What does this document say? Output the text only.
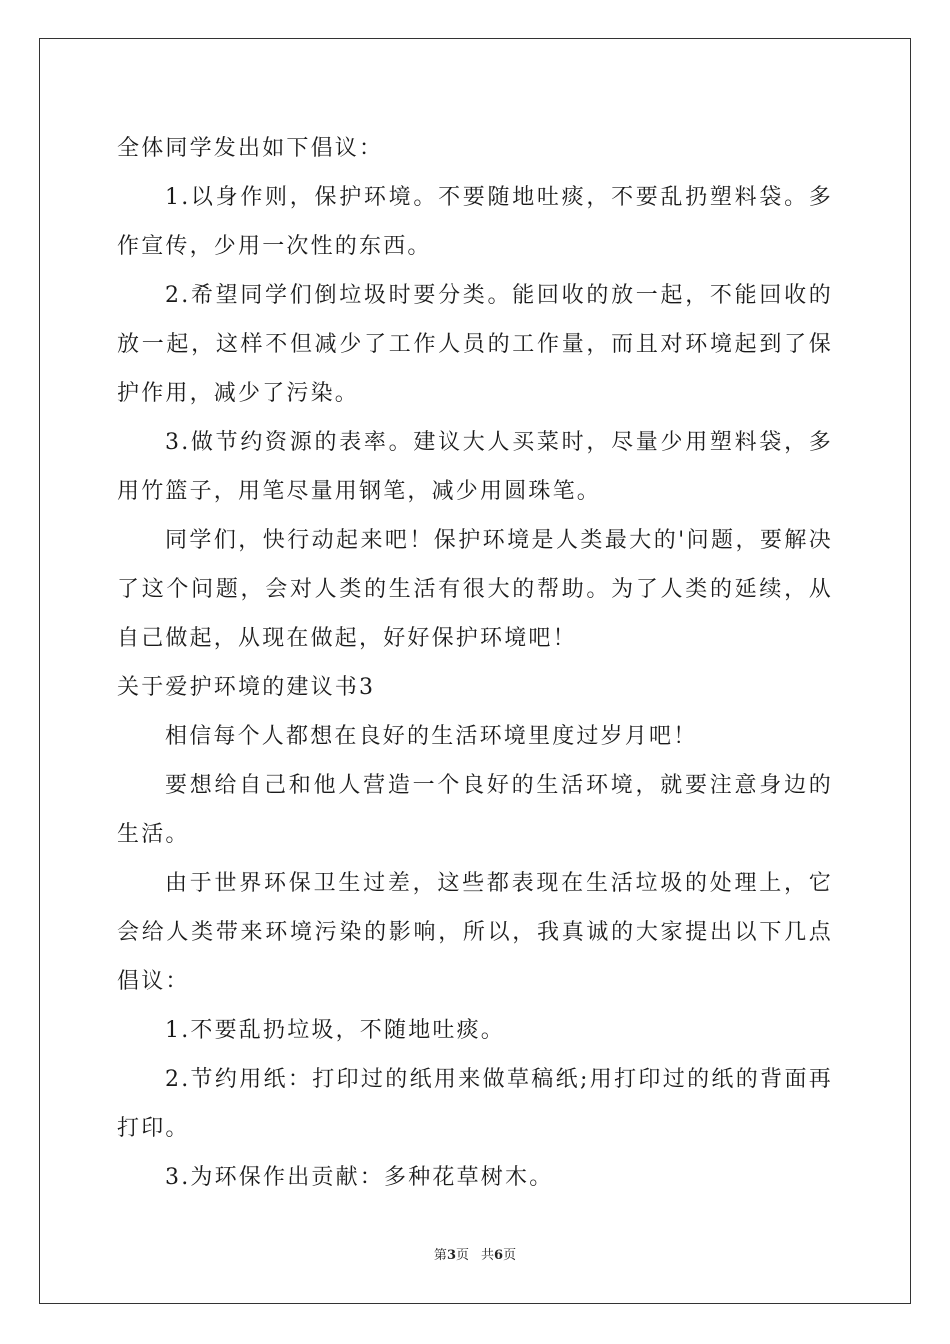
全体同学发出如下倡议：

1.以身作则，保护环境。不要随地吐痰，不要乱扔塑料袋。多作宣传，少用一次性的东西。

2.希望同学们倒垃圾时要分类。能回收的放一起，不能回收的放一起，这样不但减少了工作人员的工作量，而且对环境起到了保护作用，减少了污染。

3.做节约资源的表率。建议大人买菜时，尽量少用塑料袋，多用竹篮子，用笔尽量用钢笔，减少用圆珠笔。

同学们，快行动起来吧！保护环境是人类最大的'问题，要解决了这个问题，会对人类的生活有很大的帮助。为了人类的延续，从自己做起，从现在做起，好好保护环境吧！

关于爱护环境的建议书3

相信每个人都想在良好的生活环境里度过岁月吧！

要想给自己和他人营造一个良好的生活环境，就要注意身边的生活。

由于世界环保卫生过差，这些都表现在生活垃圾的处理上，它会给人类带来环境污染的影响，所以，我真诚的大家提出以下几点倡议：

1.不要乱扔垃圾，不随地吐痰。

2.节约用纸：打印过的纸用来做草稿纸;用打印过的纸的背面再打印。

3.为环保作出贡献：多种花草树木。

第3页 共6页
